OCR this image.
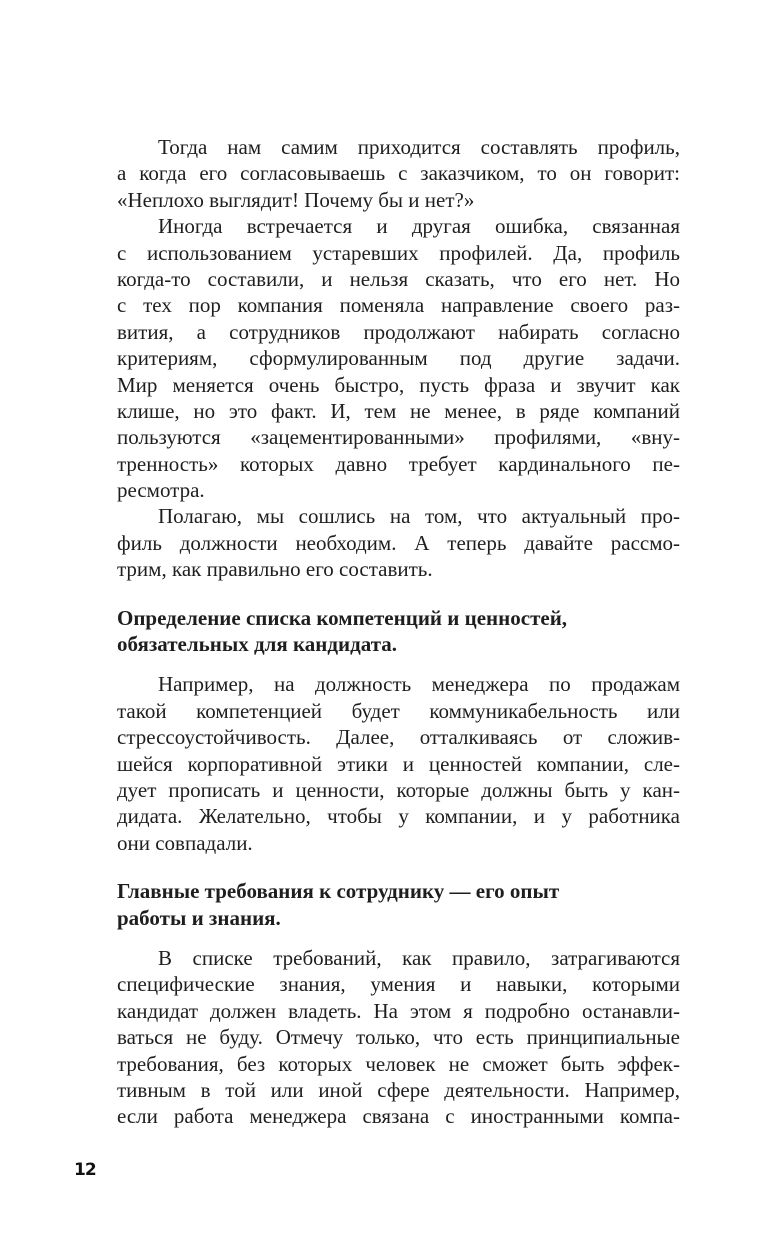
Тогда нам самим приходится составлять профиль,
а когда его согласовываешь с заказчиком, то он говорит:
«Неплохо выглядит! Почему бы и нет?»
Иногда встречается и другая ошибка, связанная
с использованием устаревших профилей. Да, профиль
когда-то составили, и нельзя сказать, что его нет. Но
с тех пор компания поменяла направление своего раз-
вития, а сотрудников продолжают набирать согласно
критериям, сформулированным под другие задачи.
Мир меняется очень быстро, пусть фраза и звучит как
клише, но это факт. И, тем не менее, в ряде компаний
пользуются «зацементированными» профилями, «вну-
тренность» которых давно требует кардинального пе-
ресмотра.
Полагаю, мы сошлись на том, что актуальный про-
филь должности необходим. А теперь давайте рассмо-
трим, как правильно его составить.
Определение списка компетенций и ценностей,
обязательных для кандидата.
Например, на должность менеджера по продажам
такой компетенцией будет коммуникабельность или
стрессоустойчивость. Далее, отталкиваясь от сложив-
шейся корпоративной этики и ценностей компании, сле-
дует прописать и ценности, которые должны быть у кан-
дидата. Желательно, чтобы у компании, и у работника
они совпадали.
Главные требования к сотруднику — его опыт
работы и знания.
В списке требований, как правило, затрагиваются
специфические знания, умения и навыки, которыми
кандидат должен владеть. На этом я подробно останавли-
ваться не буду. Отмечу только, что есть принципиальные
требования, без которых человек не сможет быть эффек-
тивным в той или иной сфере деятельности. Например,
если работа менеджера связана с иностранными компа-
12
